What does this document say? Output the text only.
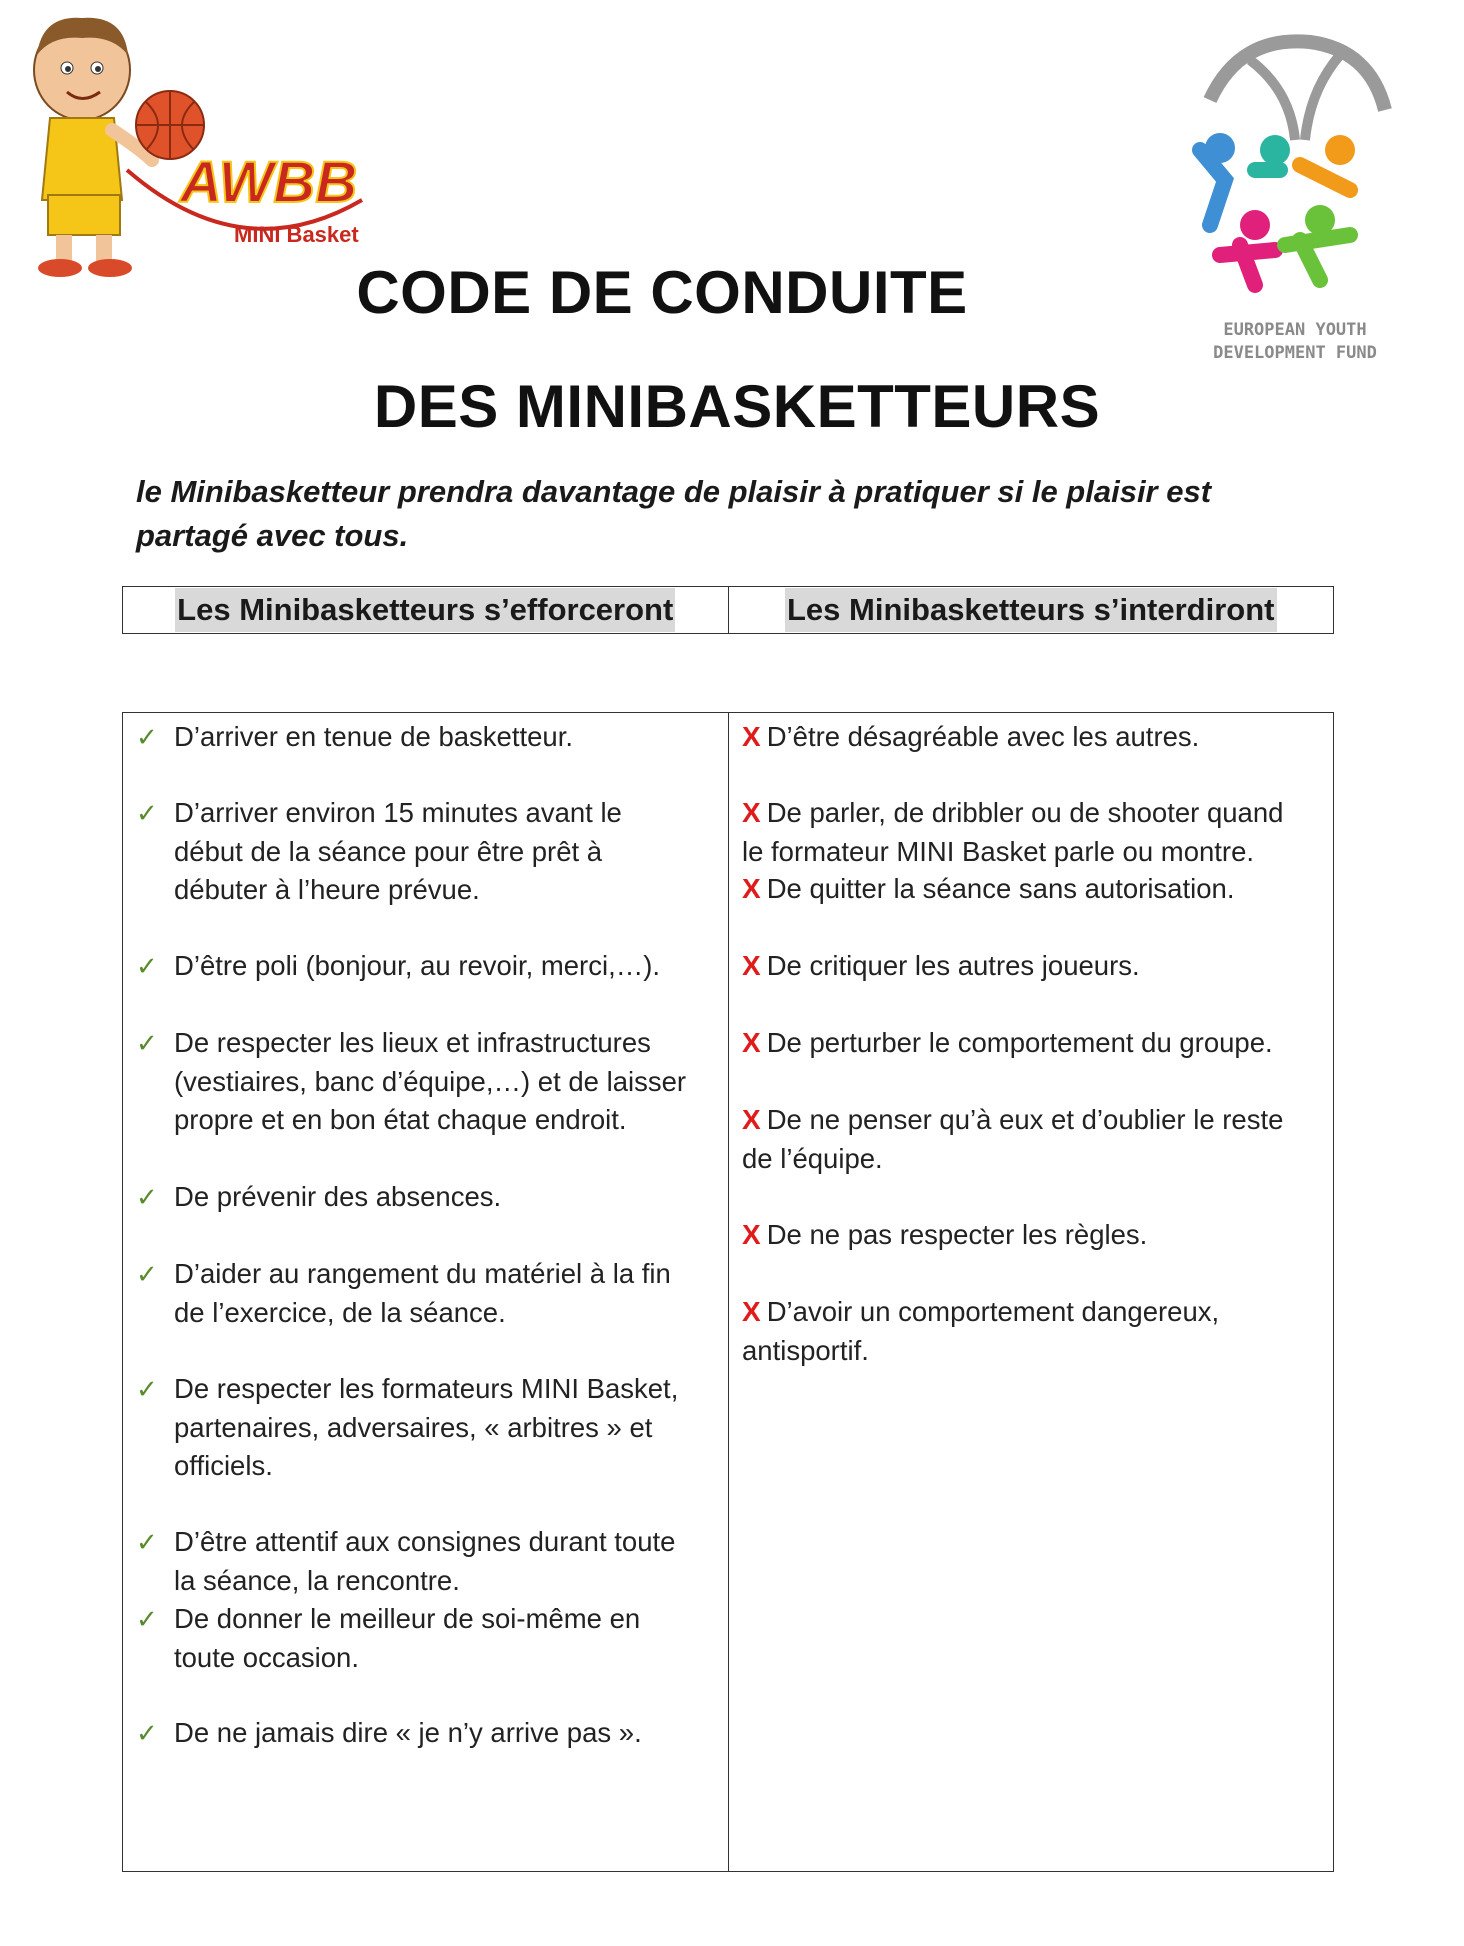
AWBB
MINI Basket
EUROPEAN YOUTH
DEVELOPMENT FUND
CODE DE CONDUITE
DES MINIBASKETTEURS
le Minibasketteur prendra davantage de plaisir à pratiquer si le plaisir est
partagé avec tous.
Les Minibasketteurs s’efforceront	Les Minibasketteurs s’interdiront
✓ D’arriver en tenue de basketteur.
✓ D’arriver environ 15 minutes avant le
début de la séance pour être prêt à
débuter à l’heure prévue.
✓ D’être poli (bonjour, au revoir, merci,…).
✓ De respecter les lieux et infrastructures
(vestiaires, banc d’équipe,…) et de laisser
propre et en bon état chaque endroit.
✓ De prévenir des absences.
✓ D’aider au rangement du matériel à la fin
de l’exercice, de la séance.
✓ De respecter les formateurs MINI Basket,
partenaires, adversaires, « arbitres » et
officiels.
✓ D’être attentif aux consignes durant toute
la séance, la rencontre.
✓ De donner le meilleur de soi-même en
toute occasion.
✓ De ne jamais dire « je n’y arrive pas ».
X D’être désagréable avec les autres.
X De parler, de dribbler ou de shooter quand
le formateur MINI Basket parle ou montre.
X De quitter la séance sans autorisation.
X De critiquer les autres joueurs.
X De perturber le comportement du groupe.
X De ne penser qu’à eux et d’oublier le reste
de l’équipe.
X De ne pas respecter les règles.
X D’avoir un comportement dangereux,
antisportif.
